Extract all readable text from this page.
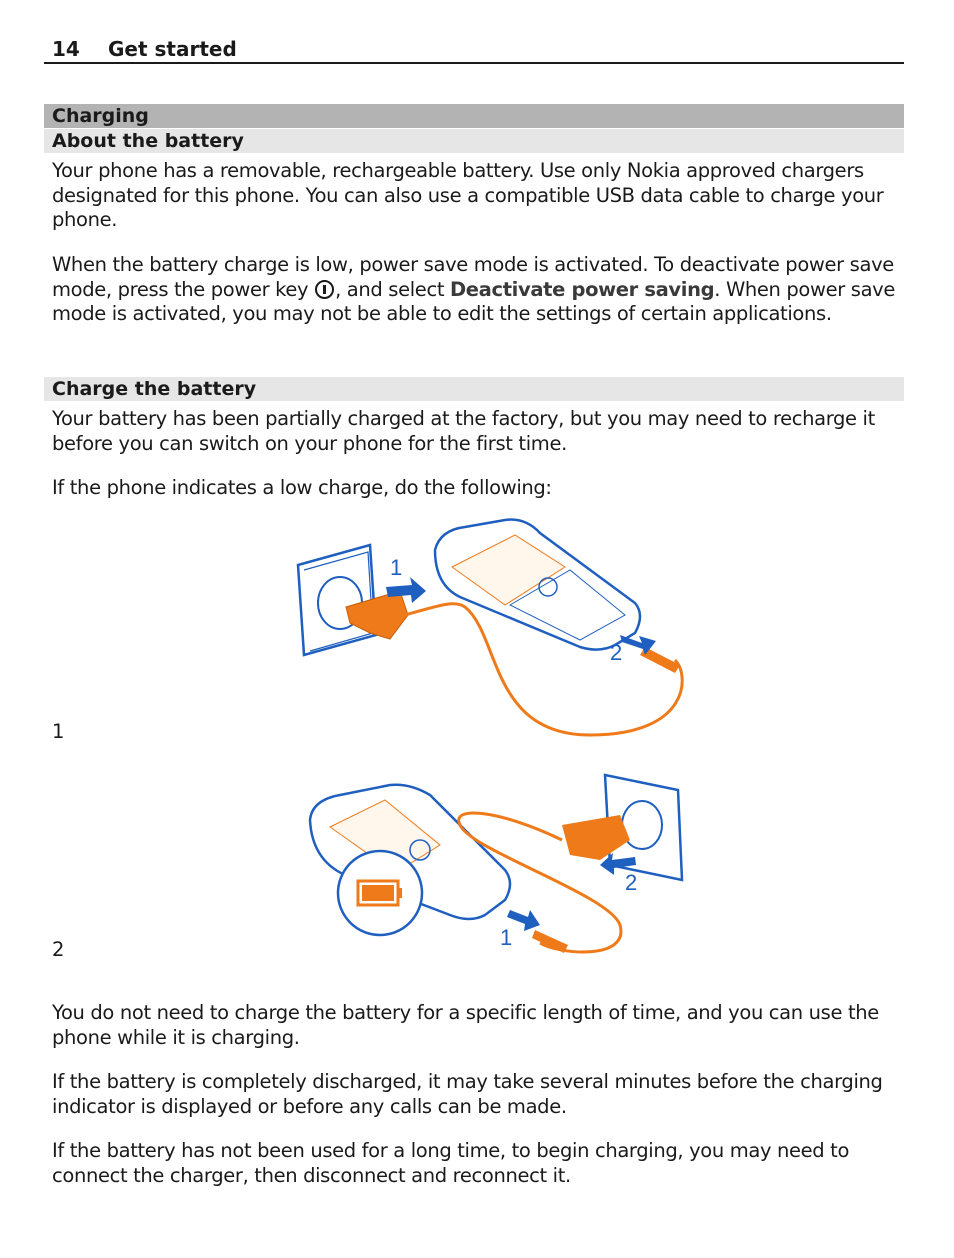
14 Get started
Charging
About the battery

Your phone has a removable, rechargeable battery. Use only Nokia approved chargers designated for this phone. You can also use a compatible USB data cable to charge your phone.

When the battery charge is low, power save mode is activated. To deactivate power save mode, press the power key , and select Deactivate power saving. When power save mode is activated, you may not be able to edit the settings of certain applications.

Charge the battery

Your battery has been partially charged at the factory, but you may need to recharge it before you can switch on your phone for the first time.

If the phone indicates a low charge, do the following:

1
2
1
2
1
2

You do not need to charge the battery for a specific length of time, and you can use the phone while it is charging.

If the battery is completely discharged, it may take several minutes before the charging indicator is displayed or before any calls can be made.

If the battery has not been used for a long time, to begin charging, you may need to connect the charger, then disconnect and reconnect it.
